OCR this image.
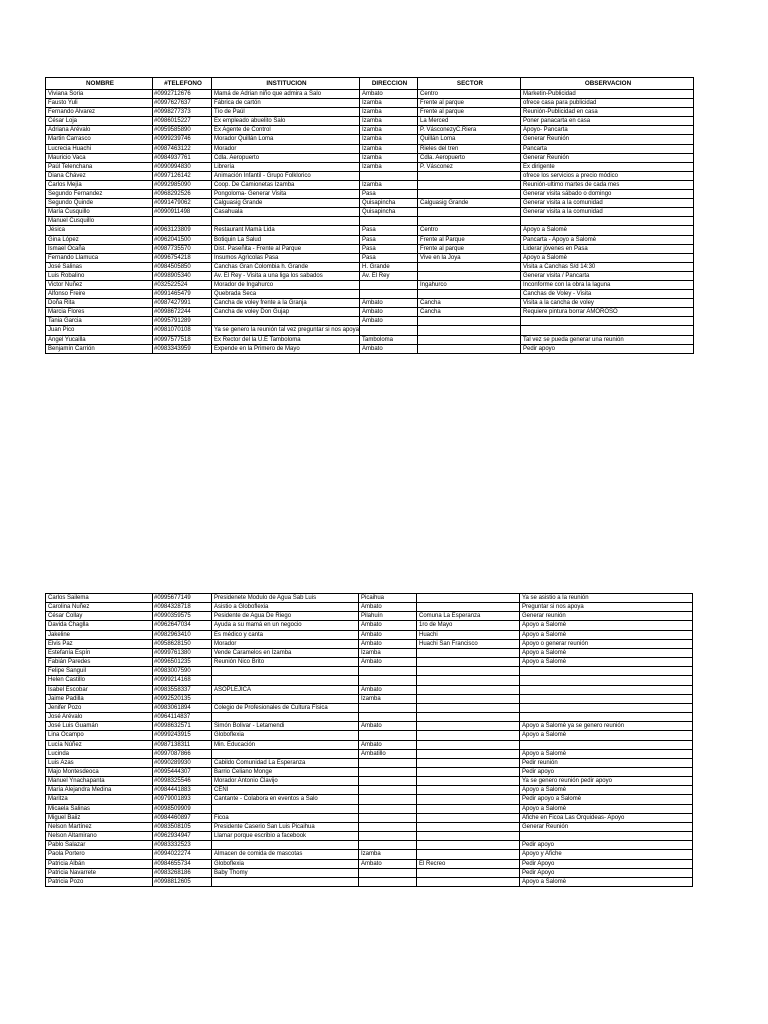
NOMBRE	#TELEFONO	INSTITUCION	DIRECCION	SECTOR	OBSERVACION
Viviana Soria	#0992712676	Mamá de Adrian niño que admira a Salo	Ambato	Centro	Marketin-Publicidad
Fausto Yuli	#0997627637	Fábrica de cartón	Izamba	Frente al parque	ofrece casa para publicidad
Fernando Alvarez	#0998277373	Tío de Paúl	Izamba	Frente al parque	Reunión-Publicidad en casa
César Loja	#0986015227	Ex empleado abuelito Salo	Izamba	La Merced	Poner panacarta en casa
Adriana Arévalo	#0959585890	Ex Agente de Control	Izamba	P. VásconezyC.Riera	Apoyo- Pancarta
Martin Carrasco	#0999239746	Morador Quillán Loma	Izamba	Quillán Loma	Generar Reunión
Lucrecia Huachi	#0987463122	Morador	Izamba	Rieles del tren	Pancarta
Mauricio Vaca	#0984937761	Cdla. Aeropuerto	Izamba	Cdla. Aeropuerto	Generar Reunión
Paúl Telenchana	#0990994830	Librería	Izamba	P. Vásconez	Ex dirigente
Diana Chávez	#0997126142	Animación Infantil - Grupo Folklorico			ofrece los servicios a precio módico
Carlos Mejía	#0992985090	Coop. De Camionetas Izamba	Izamba		Reunión-ultimo martes de cada mes
Segundo Fernandez	#0968292526	Pongoloma- Generar Visita	Pasa		Generar visita sábado o domingo
Segundo Quinde	#0991479062	Calguasig Grande	Quisapincha	Calguasig Grande	Generar visita a la comunidad
María Cusquillo	#0990911498	Casahuala	Quisapincha		Generar visita a la comunidad
Manuel Cusquillo					
Jésica	#0963123809	Restaurant Mamà Lida	Pasa	Centro	Apoyo a Salomè
Gina López	#0962041500	Botiquin La Salud	Pasa	Frente al Parque	Pancarta - Apoyo a Salomè
Ismael Ocaña	#0987735570	Dist. Paseñita - Frente al Parque	Pasa	Frente al parque	Liderar jóvenes en Pasa
Fernando Llamuca	#0996754218	Insumos Agrìcolas Pasa	Pasa	Vive en la Joya	Apoyo a Salomè
José Salinas	#0984505850	Canchas Gran Colombia h. Grande	H. Grande		Visita a Canchas S/d 14:30
Luis Robalino	#0998905340	Av. El Rey - Visita a una liga los sabados	Av. El Rey		Generar visita / Pancarta
Victor Nuñez	#032522524	Morador de Ingahurco		Ingahurco	Inconforme con la obra la laguna
Alfonso Freire	#0991465479	Quebrada Seca			Canchas de Voley - Visita
Doña Rita	#0987427991	Cancha de voley frente a la Granja	Ambato	Cancha	Visita a la cancha de voley
Marcia Flores	#0998672244	Cancha de voley Don Gujap	Ambato	Cancha	Requiere pintura borrar AMOROSO
Tania Garcia	#0995791289		Ambato		
Juan Pico	#0981070108	Ya se genero la reunión tal vez preguntar si nos apoya			
Angel Yucailla	#0997577518	Ex Rector del la U.E Tamboloma	Tamboloma		Tal vez se pueda generar una reunión
Benjamín Carrión	#0983343959	Expende en la Primero de Mayo	Ambato		Pedir apoyo
Carlos Sailema	#0995677149	Presidenete Modulo de Agua Sab Luis	Picaihua		Ya se asistio a la reunión
Carolina Nuñez	#0984328718	Asistio a Globoflexia	Ambato		Preguntar si nos apoya
César Collay	#0990359575	Pesidente de Agua De Riego	Pilahuín	Comuna La Esperanza	Generar reunión
Davida Chaglla	#0962647034	Ayuda a su mamá en un negocio	Ambato	1ro de Mayo	Apoyo a Salomè
Jakeline	#0982963410	Es médico y canta	Ambato	Huachi	Apoyo a Salomè
Elvis Paz	#0958628150	Morador	Ambato	Huachi San Francisco	Apoyo o generar reunión
Estefanía Espín	#0999761380	Vende Caramelos en Izamba	Izamba		Apoyo a Salomè
Fabián Paredes	#0996501235	Reunión Nico Brito	Ambato		Apoyo a Salomè
Felipe Sanguil	#0983007590				
Helen Castillo	#0999214168				
Isabel Escobar	#0983558337	ASOPLEJICA	Ambato		
Jaime Padilla	#0992520135		Izamba		
Jenifer Pozo	#0983061894	Colegio de Profesionales de Cultura Física			
José Arévalo	#0964114837				
José Luis Guamán	#0998632571	Simón Bolivar - Letamendi	Ambato		Apoyo a Salomè ya se genero reunión
Lina Ocampo	#0999243915	Globoflexia			Apoyo a Salomè
Lucía Núñez	#0987138311	Min. Educación	Ambato		
Lucinda	#0997087866		Ambatillo		Apoyo a Salomè
Luis Azas	#0990289930	Cabildo Comunidad La Esperanza			Pedir reunión
Majo Montesdeoca	#0995444307	Barrio Celiano Monge			Pedir apoyo
Manuel Ynachapanta	#0998325546	Morador Antonio Clavijo			Ya se genero reunión pedir apoyo
María Alejandra Medina	#0984441883	CENI			Apoyo a Salomè
Maritza	#0979001893	Cantante - Colabora en eventos a Salo			Pedir apoyo a Salomè
Micaela Salinas	#0998509909				Apoyo a Salomè
Miguel Baiiz	#0984460897	Ficoa			Afiche en Ficoa Las Orquideas- Apoyo
Nelson Martínez	#0983508105	Presidente Caserio San Luis Picaihua			Generar Reunión
Nelson Altamirano	#0962934947	Llamar porque escribio a facebook			
Pablo Salazar	#0983332523				Pedir apoyo
Paola Portero	#0994022274	Almacen de comida de mascotas	Izamba		Apoyo y Afiche
Patricia Albán	#0984655734	Globoflexia	Ambato	El Recreo	Pedir Apoyo
Patricia Navarrete	#0983268186	Baby Thomy			Pedir Apoyo
Patricia Pozo	#0998812605				Apoyo a Salomè
